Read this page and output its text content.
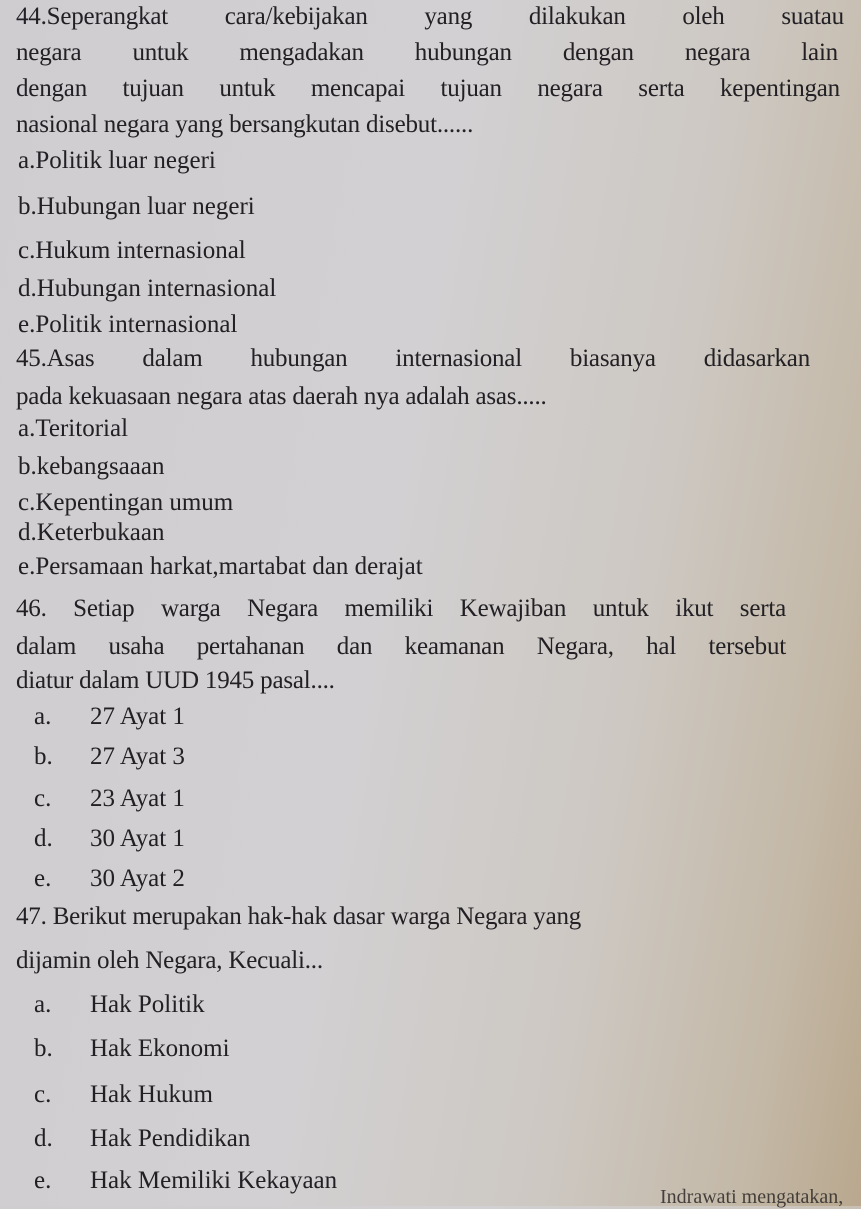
44.Seperangkat cara/kebijakan yang dilakukan oleh suatau
negara untuk mengadakan hubungan dengan negara lain
dengan tujuan untuk mencapai tujuan negara serta kepentingan
nasional negara yang bersangkutan disebut......
a.Politik luar negeri
b.Hubungan luar negeri
c.Hukum internasional
d.Hubungan internasional
e.Politik internasional
45.Asas dalam hubungan internasional biasanya didasarkan
pada kekuasaan negara atas daerah nya adalah asas.....
a.Teritorial
b.kebangsaaan
c.Kepentingan umum
d.Keterbukaan
e.Persamaan harkat,martabat dan derajat
46. Setiap warga Negara memiliki Kewajiban untuk ikut serta
dalam usaha pertahanan dan keamanan Negara, hal tersebut
diatur dalam UUD 1945 pasal....
a. 27 Ayat 1
b. 27 Ayat 3
c. 23 Ayat 1
d. 30 Ayat 1
e. 30 Ayat 2
47. Berikut merupakan hak-hak dasar warga Negara yang
dijamin oleh Negara, Kecuali...
a. Hak Politik
b. Hak Ekonomi
c. Hak Hukum
d. Hak Pendidikan
e. Hak Memiliki Kekayaan
Indrawati mengatakan,
